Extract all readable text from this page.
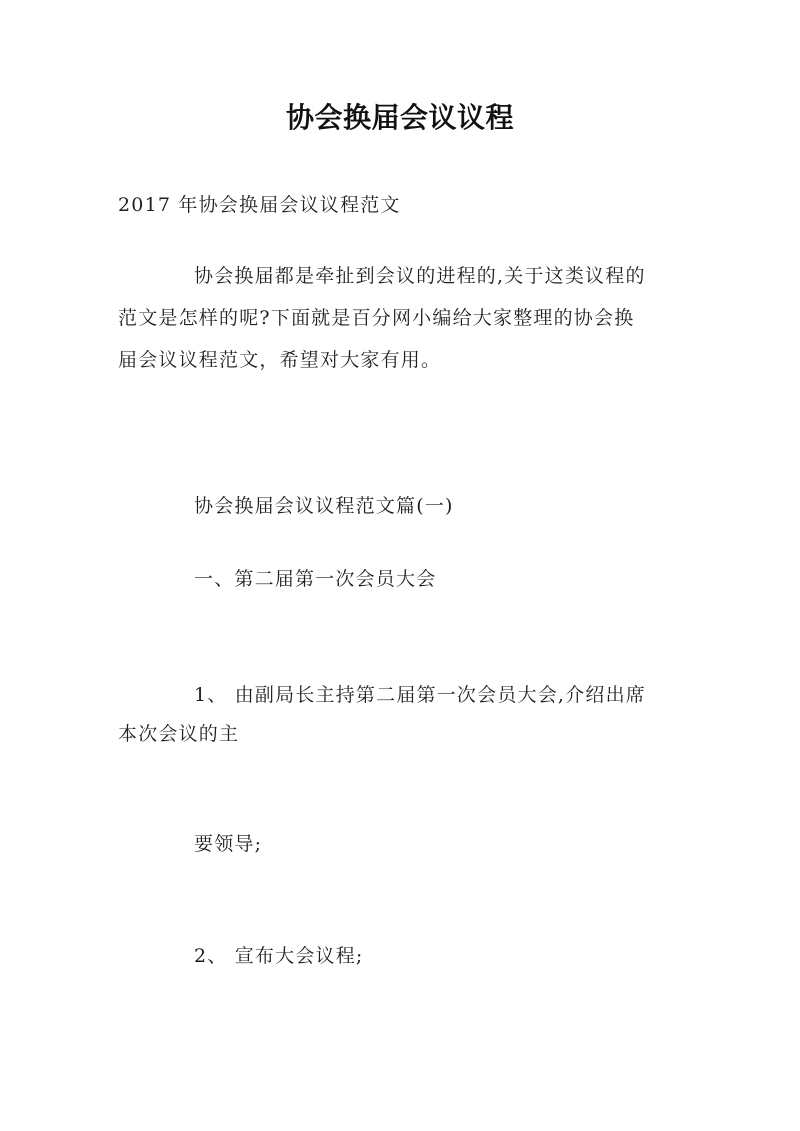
协会换届会议议程
2017 年协会换届会议议程范文
协会换届都是牵扯到会议的进程的,关于这类议程的
范文是怎样的呢?下面就是百分网小编给大家整理的协会换
届会议议程范文，希望对大家有用。
协会换届会议议程范文篇(一)
一、第二届第一次会员大会
1、 由副局长主持第二届第一次会员大会,介绍出席
本次会议的主
要领导;
2、 宣布大会议程;
